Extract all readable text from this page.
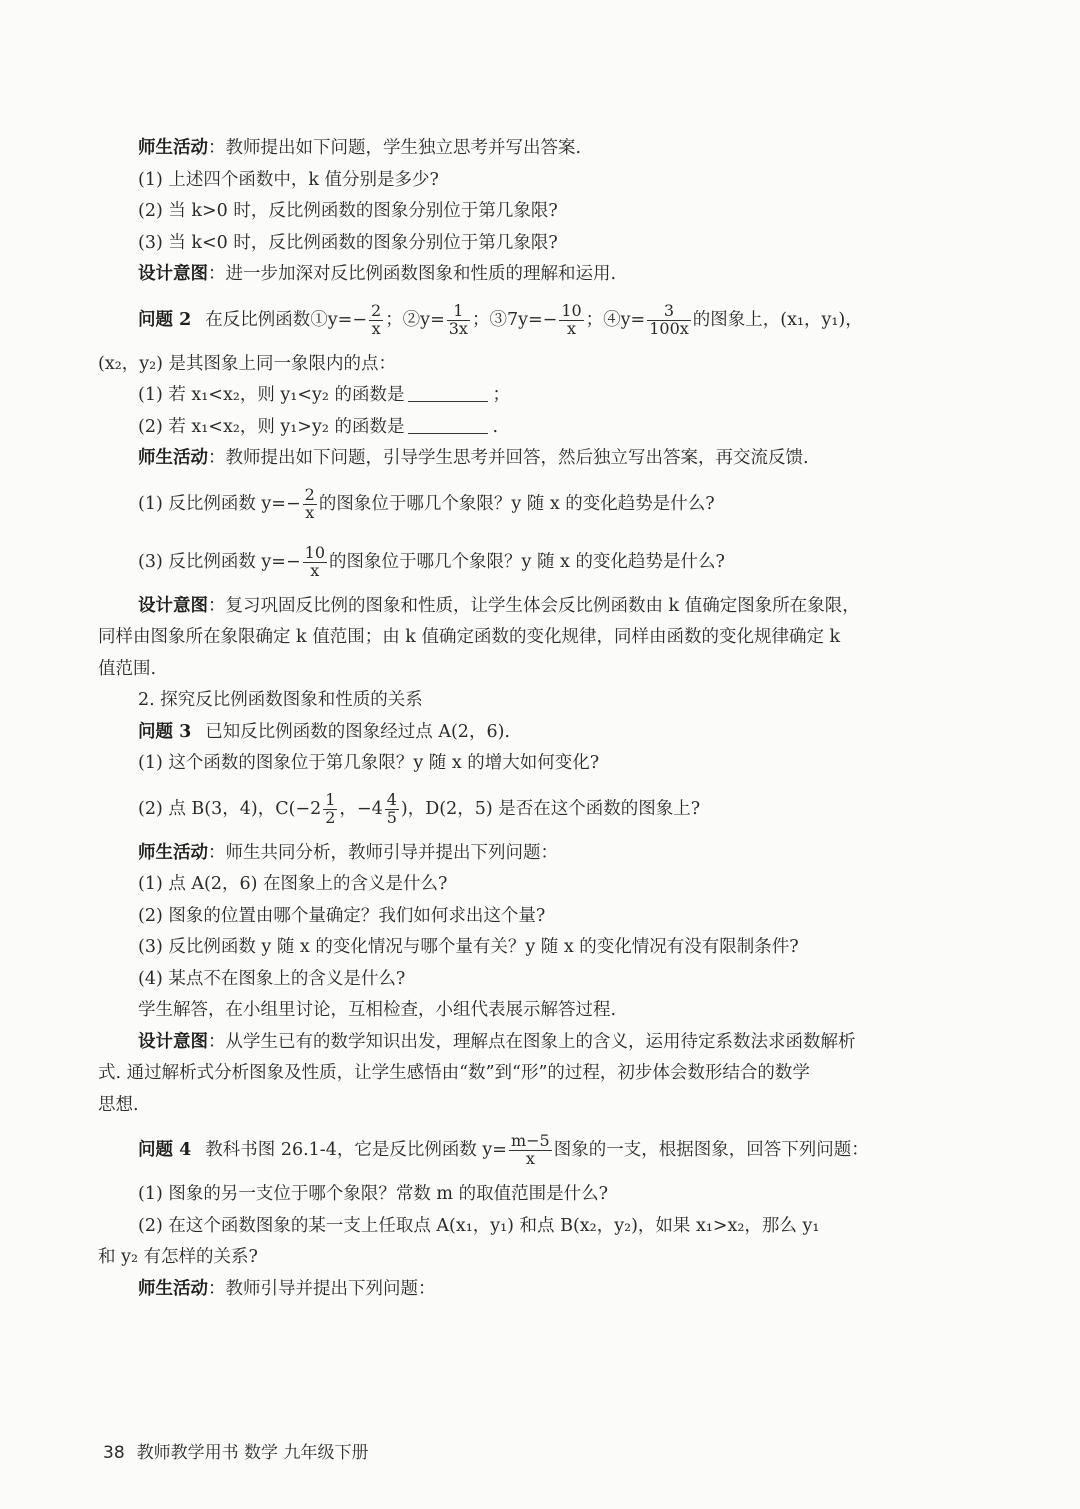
师生活动：教师提出如下问题，学生独立思考并写出答案.
(1) 上述四个函数中，k 值分别是多少?
(2) 当 k>0 时，反比例函数的图象分别位于第几象限?
(3) 当 k<0 时，反比例函数的图象分别位于第几象限?
设计意图：进一步加深对反比例函数图象和性质的理解和运用.
问题 2 在反比例函数①y=− $\frac{2}{x}$ ；②y= $\frac{1}{3x}$ ；③7y=− $\frac{10}{x}$ ；④y= $\frac{3}{100x}$ 的图象上，(x₁，y₁)，
(x₂，y₂) 是其图象上同一象限内的点：
(1) 若 x₁<x₂，则 y₁<y₂ 的函数是	；
(2) 若 x₁<x₂，则 y₁>y₂ 的函数是	.
师生活动：教师提出如下问题，引导学生思考并回答，然后独立写出答案，再交流反馈.
(1) 反比例函数 $y=- \frac{2}{x}$ 的图象位于哪几个象限？y 随 x 的变化趋势是什么?
(3) 反比例函数 $y=- \frac{10}{x}$ 的图象位于哪几个象限？y 随 x 的变化趋势是什么?
设计意图：复习巩固反比例的图象和性质，让学生体会反比例函数由 k 值确定图象所在象限，
同样由图象所在象限确定 k 值范围；由 k 值确定函数的变化规律，同样由函数的变化规律确定 k
值范围.
2. 探究反比例函数图象和性质的关系
问题 3 已知反比例函数的图象经过点 A(2，6).
(1) 这个函数的图象位于第几象限？y 随 x 的增大如何变化?
(2) 点 B(3，4)，$C(-2 \frac{1}{2}$ ，$-4 \frac{4}{5}$ )，D(2，5) 是否在这个函数的图象上?
师生活动：师生共同分析，教师引导并提出下列问题：
(1) 点 A(2，6) 在图象上的含义是什么?
(2) 图象的位置由哪个量确定？我们如何求出这个量?
(3) 反比例函数 y 随 x 的变化情况与哪个量有关？y 随 x 的变化情况有没有限制条件?
(4) 某点不在图象上的含义是什么?
学生解答，在小组里讨论，互相检查，小组代表展示解答过程.
设计意图：从学生已有的数学知识出发，理解点在图象上的含义，运用待定系数法求函数解析
式. 通过解析式分析图象及性质，让学生感悟由“数”到“形”的过程，初步体会数形结合的数学
思想.
问题 4 教科书图 26.1-4，它是反比例函数 $y= \frac{m-5}{x}$ 图象的一支，根据图象，回答下列问题：
(1) 图象的另一支位于哪个象限？常数 m 的取值范围是什么?
(2) 在这个函数图象的某一支上任取点 A(x₁，y₁) 和点 B(x₂，y₂)，如果 x₁>x₂，那么 y₁
和 y₂ 有怎样的关系?
师生活动：教师引导并提出下列问题：
38 教师教学用书 数学 九年级下册
